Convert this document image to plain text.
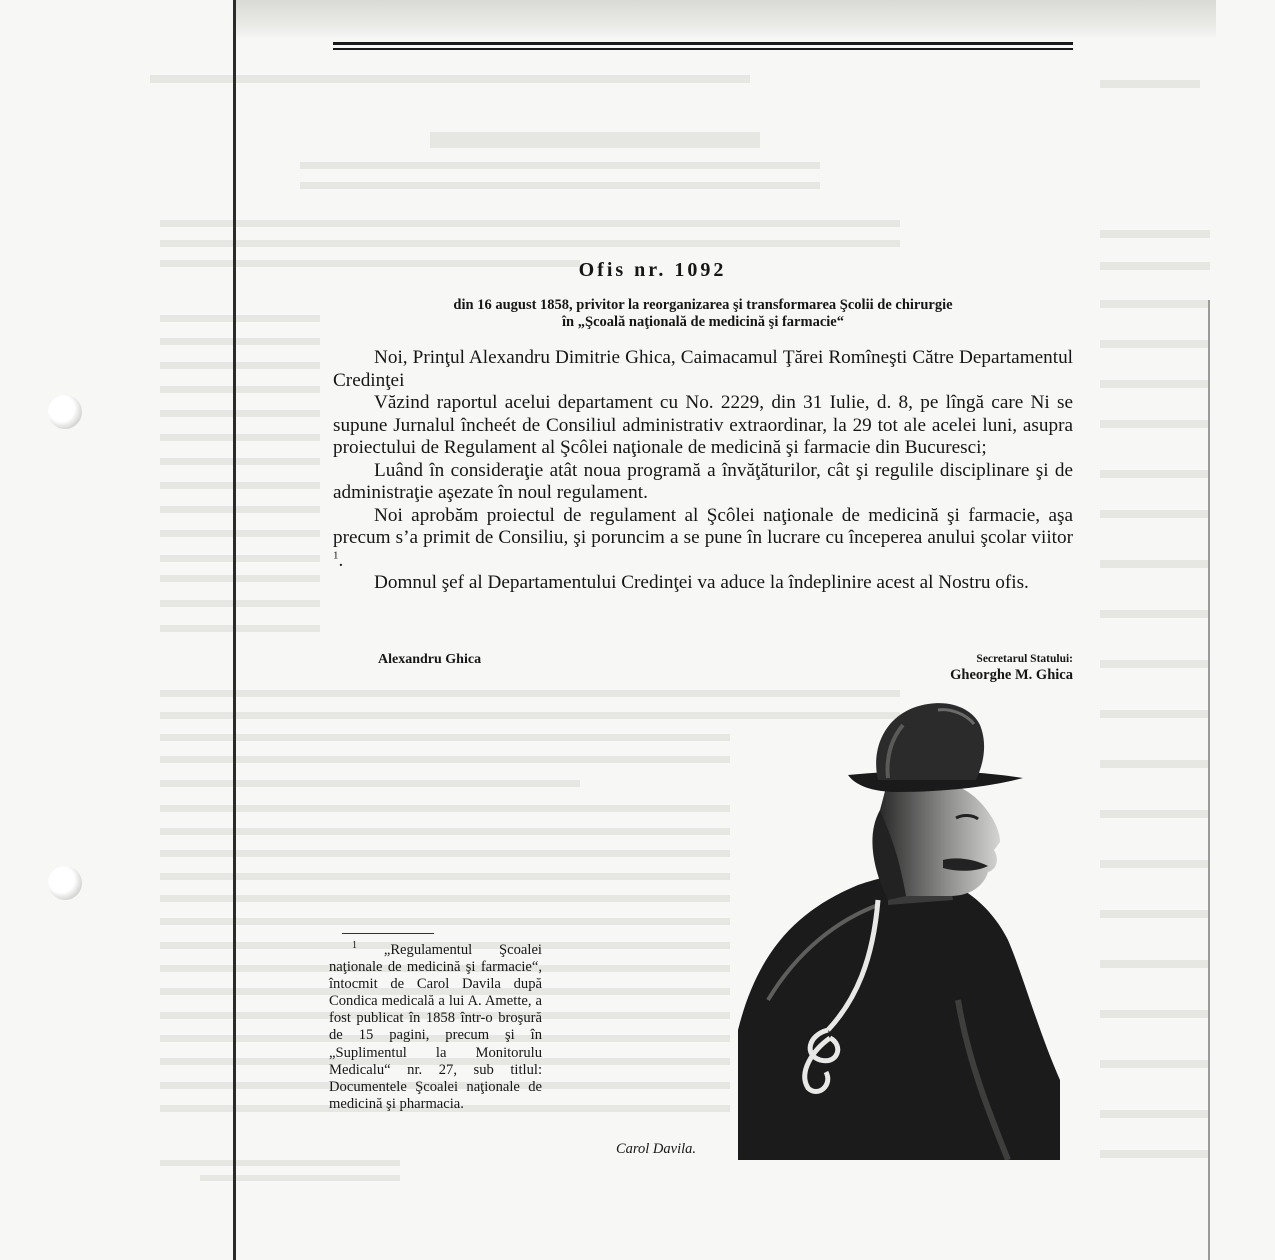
Ofis nr. 1092
din 16 august 1858, privitor la reorganizarea şi transformarea Şcolii de chirurgie
în „Şcoală naţională de medicină şi farmacie“

Noi, Prinţul Alexandru Dimitrie Ghica, Caimacamul Ţărei Romîneşti Către Departamentul Credinţei

Văzind raportul acelui departament cu No. 2229, din 31 Iulie, d. 8, pe lîngă care Ni se supune Jurnalul încheét de Consiliul administrativ extraordinar, la 29 tot ale acelei luni, asupra proiectului de Regulament al Şcôlei naţionale de medicină şi farmacie din Bucuresci;

Luând în consideraţie atât noua programă a învăţăturilor, cât şi regulile disciplinare şi de administraţie aşezate în noul regulament.

Noi aprobăm proiectul de regulament al Şcôlei naţionale de medicină şi farmacie, aşa precum s’a primit de Consiliu, şi poruncim a se pune în lucrare cu începerea anului şcolar viitor $^1$.

Domnul şef al Departamentului Credinţei va aduce la îndeplinire acest al Nostru ofis.

Alexandru Ghica	Secretarul Statului:
Gheorghe M. Ghica

$^1$ „Regulamentul Şcoalei naţionale de medicină şi farmacie“, întocmit de Carol Davila după Condica medicală a lui A. Amette, a fost publicat în 1858 într-o broşură de 15 pagini, precum şi în „Suplimentul la Monitorulu Medicalu“ nr. 27, sub titlul: Documentele Şcoalei naţionale de medicină şi pharmacia.

Carol Davila.
